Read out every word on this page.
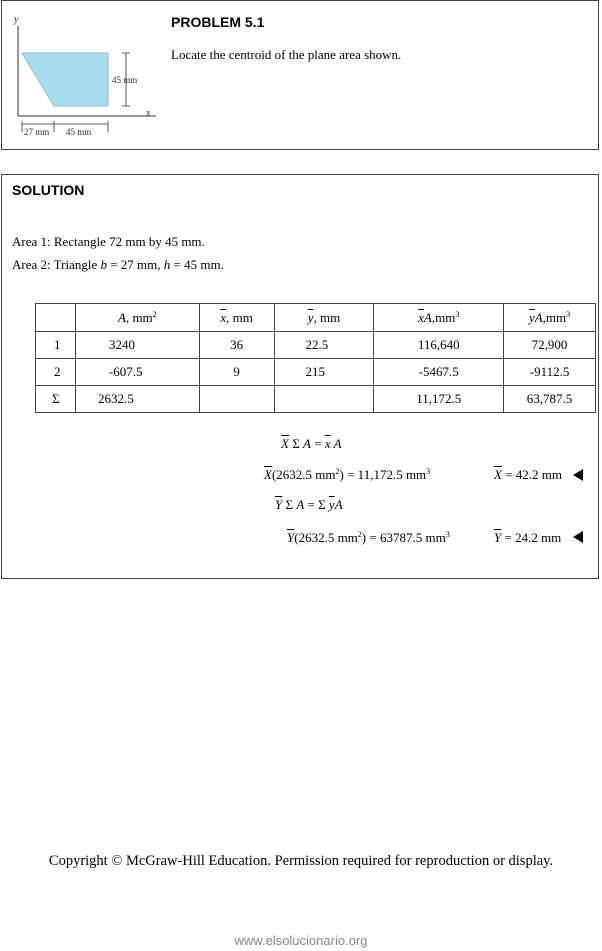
y
x
45 mm
27 mm 45 mm
PROBLEM 5.1
Locate the centroid of the plane area shown.
SOLUTION
Area 1: Rectangle 72 mm by 45 mm.
Area 2: Triangle b = 27 mm, h = 45 mm.
	A, $mm^2$	$\overline{x}$, mm	$\overline{y}$, mm	$\overline{x}A,mm^3$	$\overline{y}A,mm^3$
1	3240	36	22.5	116,640	72,900
2	-607.5	9	215	-5467.5	-9112.5
Σ	2632.5			11,172.5	63,787.5
$\overline{X}$ Σ $A = \overline{x}$ A
$\overline{X}(2632.5$ $mm^2) = 11,172.5$ $mm^3$	$\overline{X} = 42.2$ mm
$\overline{Y}$ Σ A = Σ $\overline{y}A$
$\overline{Y}(2632.5$ $mm^2) = 63787.5$ $mm^3$	$\overline{Y} = 24.2$ mm
Copyright © McGraw-Hill Education. Permission required for reproduction or display.
www.elsolucionario.org
